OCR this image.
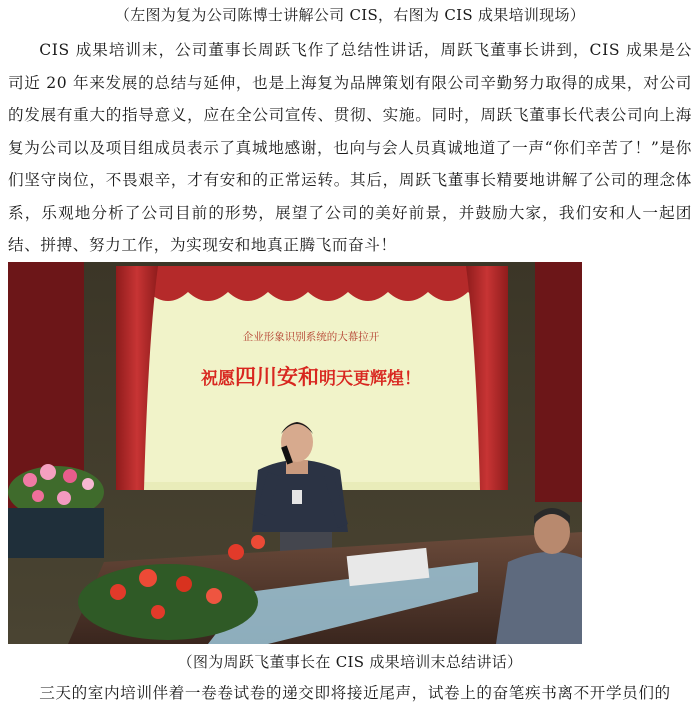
（左图为复为公司陈博士讲解公司 CIS，右图为 CIS 成果培训现场）

CIS 成果培训末，公司董事长周跃飞作了总结性讲话，周跃飞董事长讲到，CIS 成果是公司近 20 年来发展的总结与延伸，也是上海复为品牌策划有限公司辛勤努力取得的成果，对公司的发展有重大的指导意义，应在全公司宣传、贯彻、实施。同时，周跃飞董事长代表公司向上海复为公司以及项目组成员表示了真城地感谢，也向与会人员真诚地道了一声“你们辛苦了！”是你们坚守岗位，不畏艰辛，才有安和的正常运转。其后，周跃飞董事长精要地讲解了公司的理念体系，乐观地分析了公司目前的形势，展望了公司的美好前景，并鼓励大家，我们安和人一起团结、拼搏、努力工作，为实现安和地真正腾飞而奋斗！

企业形象识别系统的大幕拉开
祝愿四川安和明天更辉煌！
（图为周跃飞董事长在 CIS 成果培训末总结讲话）

三天的室内培训伴着一卷卷试卷的递交即将接近尾声，试卷上的奋笔疾书离不开学员们的
